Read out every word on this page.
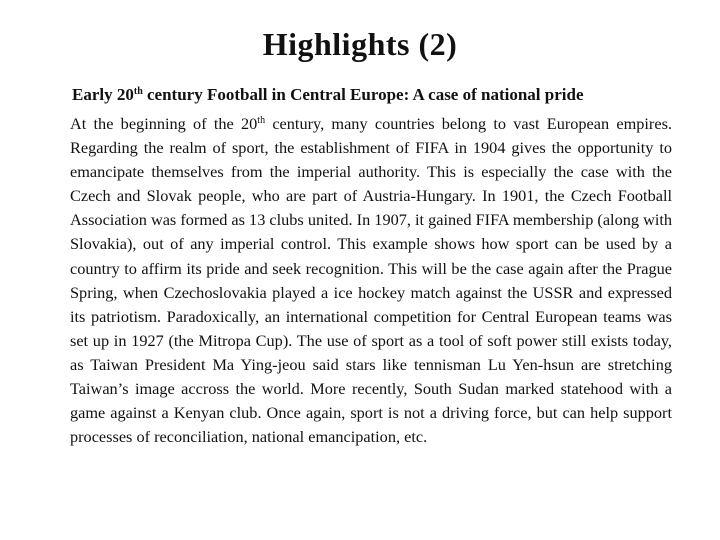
Highlights (2)
Early 20th century Football in Central Europe: A case of national pride
At the beginning of the 20th century, many countries belong to vast European empires. Regarding the realm of sport, the establishment of FIFA in 1904 gives the opportunity to emancipate themselves from the imperial authority. This is especially the case with the Czech and Slovak people, who are part of Austria-Hungary. In 1901, the Czech Football Association was formed as 13 clubs united. In 1907, it gained FIFA membership (along with Slovakia), out of any imperial control. This example shows how sport can be used by a country to affirm its pride and seek recognition. This will be the case again after the Prague Spring, when Czechoslovakia played a ice hockey match against the USSR and expressed its patriotism. Paradoxically, an international competition for Central European teams was set up in 1927 (the Mitropa Cup). The use of sport as a tool of soft power still exists today, as Taiwan President Ma Ying-jeou said stars like tennisman Lu Yen-hsun are stretching Taiwan’s image accross the world. More recently, South Sudan marked statehood with a game against a Kenyan club. Once again, sport is not a driving force, but can help support processes of reconciliation, national emancipation, etc.
